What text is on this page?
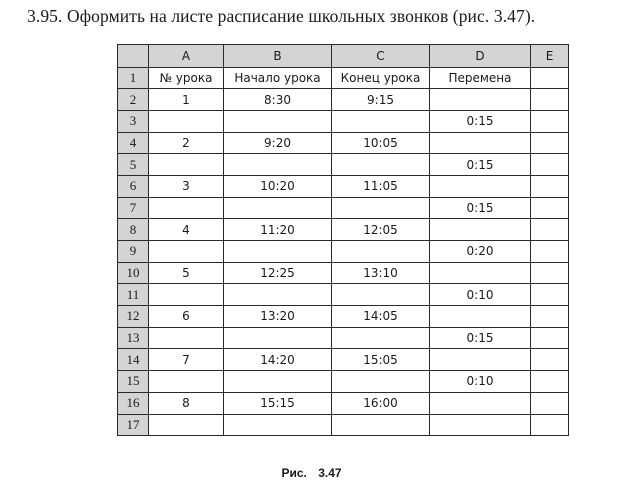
3.95. Оформить на листе расписание школьных звонков (рис. 3.47).
	A	B	C	D	E
1	№ урока	Начало урока	Конец урока	Перемена	
2	1	8:30	9:15		
3				0:15	
4	2	9:20	10:05		
5				0:15	
6	3	10:20	11:05		
7				0:15	
8	4	11:20	12:05		
9				0:20	
10	5	12:25	13:10		
11				0:10	
12	6	13:20	14:05		
13				0:15	
14	7	14:20	15:05		
15				0:10	
16	8	15:15	16:00		
17					
Рис. 3.47
